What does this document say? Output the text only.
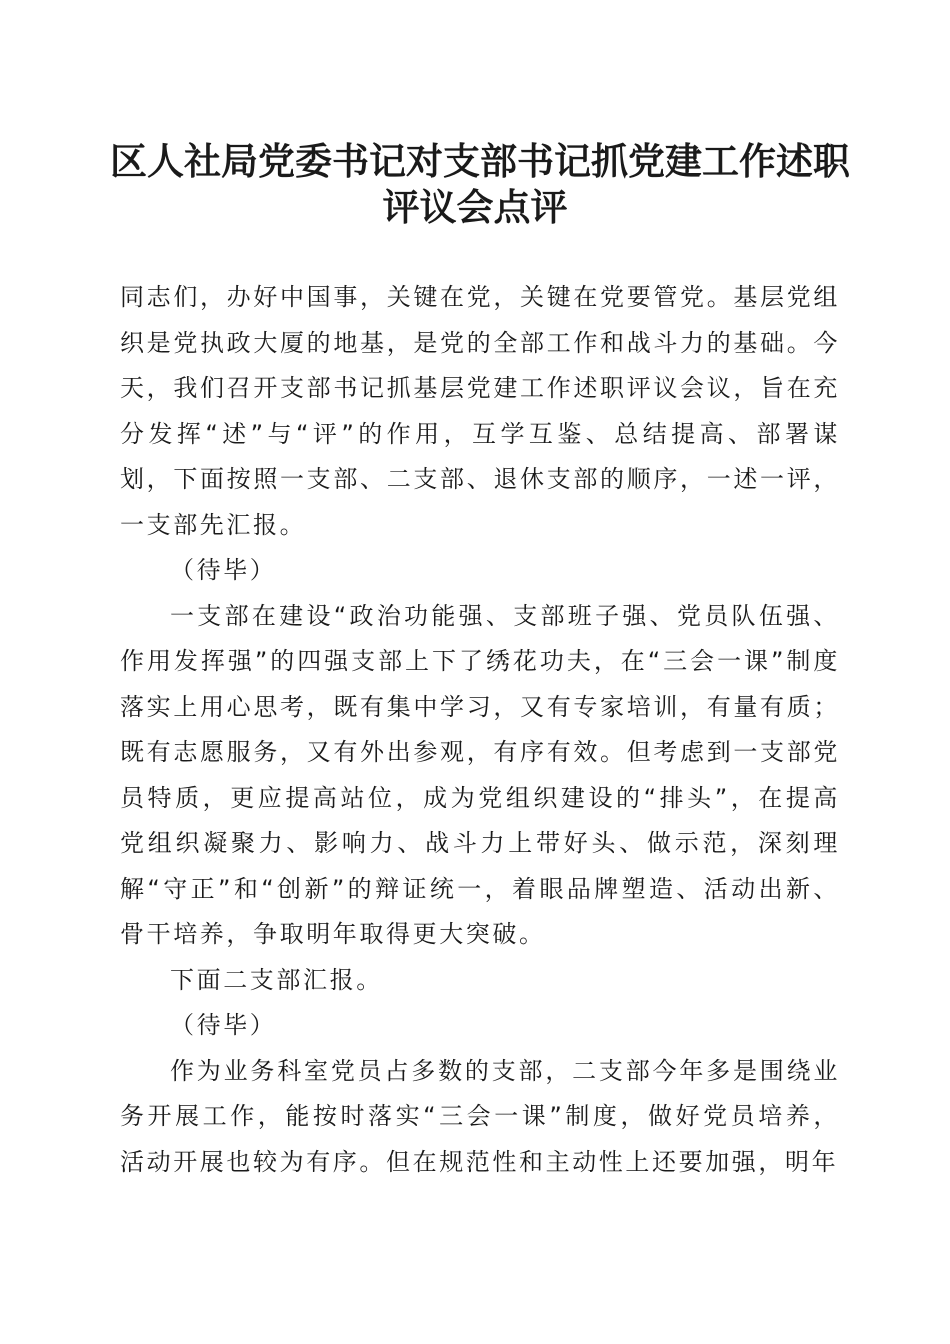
区人社局党委书记对支部书记抓党建工作述职
评议会点评

同志们，办好中国事，关键在党，关键在党要管党。基层党组织是党执政大厦的地基，是党的全部工作和战斗力的基础。今天，我们召开支部书记抓基层党建工作述职评议会议，旨在充分发挥“述”与“评”的作用，互学互鉴、总结提高、部署谋划，下面按照一支部、二支部、退休支部的顺序，一述一评，一支部先汇报。

（待毕）

一支部在建设“政治功能强、支部班子强、党员队伍强、作用发挥强”的四强支部上下了绣花功夫，在“三会一课”制度落实上用心思考，既有集中学习，又有专家培训，有量有质；既有志愿服务，又有外出参观，有序有效。但考虑到一支部党员特质，更应提高站位，成为党组织建设的“排头”，在提高党组织凝聚力、影响力、战斗力上带好头、做示范，深刻理解“守正”和“创新”的辩证统一，着眼品牌塑造、活动出新、骨干培养，争取明年取得更大突破。

下面二支部汇报。

（待毕）

作为业务科室党员占多数的支部，二支部今年多是围绕业务开展工作，能按时落实“三会一课”制度，做好党员培养，活动开展也较为有序。但在规范性和主动性上还要加强，明年
